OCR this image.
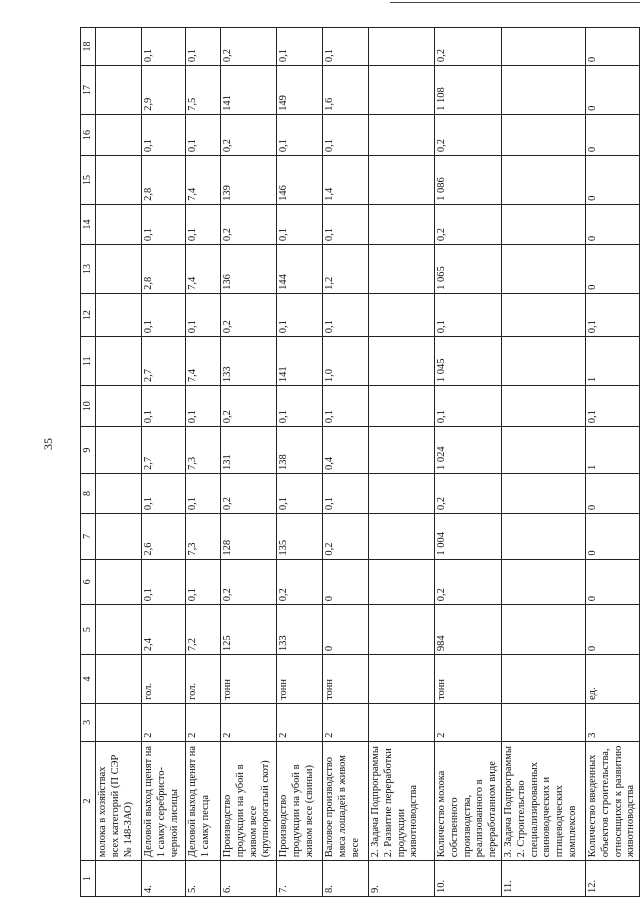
35
1	2	3	4	5	6	7	8	9	10	11	12	13	14	15	16	17	18
	молока в хозяйствах всех категорий (П СЭР № 148-ЗАО)																
4.	Деловой выход щенят на 1 самку серебристо-черной лисицы	2	гол.	2,4	0,1	2,6	0,1	2,7	0,1	2,7	0,1	2,8	0,1	2,8	0,1	2,9	0,1
5.	Деловой выход щенят на 1 самку песца	2	гол.	7,2	0,1	7,3	0,1	7,3	0,1	7,4	0,1	7,4	0,1	7,4	0,1	7,5	0,1
6.	Производство продукции на убой в живом весе (крупнорогатый скот)	2	тонн	125	0,2	128	0,2	131	0,2	133	0,2	136	0,2	139	0,2	141	0,2
7.	Производство продукции на убой в живом весе (свиньи)	2	тонн	133	0,2	135	0,1	138	0,1	141	0,1	144	0,1	146	0,1	149	0,1
8.	Валовое производство мяса лошадей в живом весе	2	тонн	0	0	0,2	0,1	0,4	0,1	1,0	0,1	1,2	0,1	1,4	0,1	1,6	0,1
9.	2. Задача Подпрограммы 2. Развитие переработки продукции животноводства																
10.	Количество молока собственного производства, реализованного в переработанном виде	2	тонн	984	0,2	1 004	0,2	1 024	0,1	1 045	0,1	1 065	0,2	1 086	0,2	1 108	0,2
11.	3. Задача Подпрограммы 2. Строительство специализированных свиноводческих и птицеводческих комплексов																
12.	Количество введенных объектов строительства, относящихся к развитию животноводства	3	ед.	0	0	0	0	1	0,1	1	0,1	0	0	0	0	0	0
